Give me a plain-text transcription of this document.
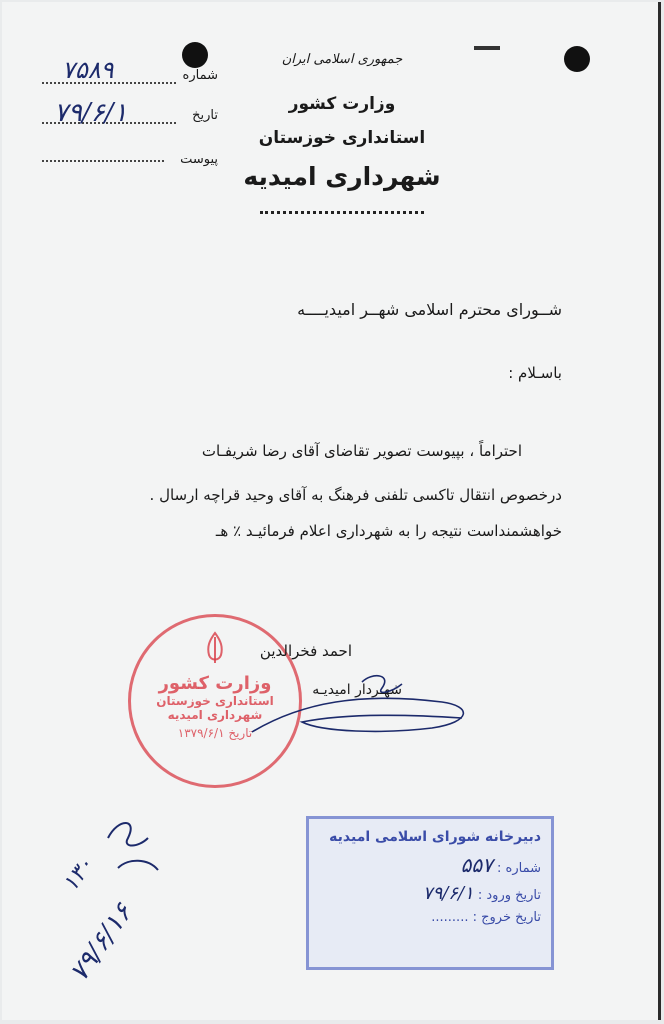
جمهوری اسلامی ایران
وزارت کشور
استانداری خوزستان
شهرداری امیدیه
شماره
۷۵۸۹
تاریخ
۷۹/۶/۱
پیوست
شــورای محترم اسلامی شهــر امیدیــــه
باسـلام :
احتراماً ، بپیوست تصویر تقاضای آقای رضا شریفـات
درخصوص انتقال تاکسی تلفنی فرهنگ به آقای وحید قراچه ارسال .
خواهشمنداست نتیجه را به شهرداری اعلام فرمائیـد ٪ هـ
وزارت کشور
استانداری خوزستان
شهرداری امیدیه
تاریخ ۱۳۷۹/۶/۱
احمد فخرالدین
شهـردار امیدیـه
دبیرخانه شورای اسلامی امیدیه
شماره : ۵۵۷
تاریخ ورود : ۷۹/۶/۱
تاریخ خروج : .........
۱۳۰
۷۹/۶/۱۶
